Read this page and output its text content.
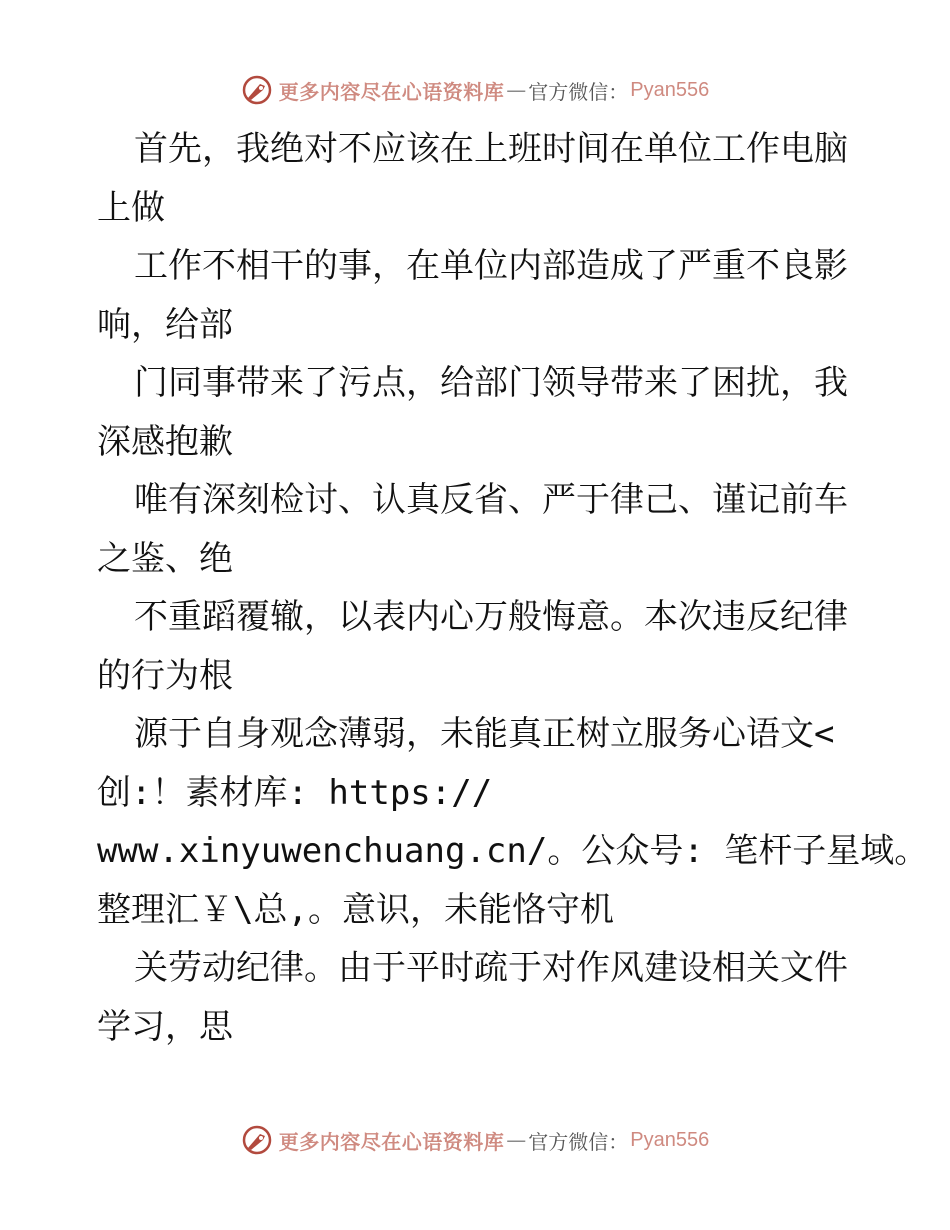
更多内容尽在心语资料库 — 官方微信： Pyan556
首先，我绝对不应该在上班时间在单位工作电脑
上做
工作不相干的事，在单位内部造成了严重不良影
响，给部
门同事带来了污点，给部门领导带来了困扰，我
深感抱歉
唯有深刻检讨、认真反省、严于律己、谨记前车
之鉴、绝
不重蹈覆辙，以表内心万般悔意。本次违反纪律
的行为根
源于自身观念薄弱，未能真正树立服务心语文<
创:！素材库: https://
www.xinyuwenchuang.cn/。公众号: 笔杆子星域。
整理汇￥\总,。意识，未能恪守机
关劳动纪律。由于平时疏于对作风建设相关文件
学习，思
更多内容尽在心语资料库 — 官方微信： Pyan556
